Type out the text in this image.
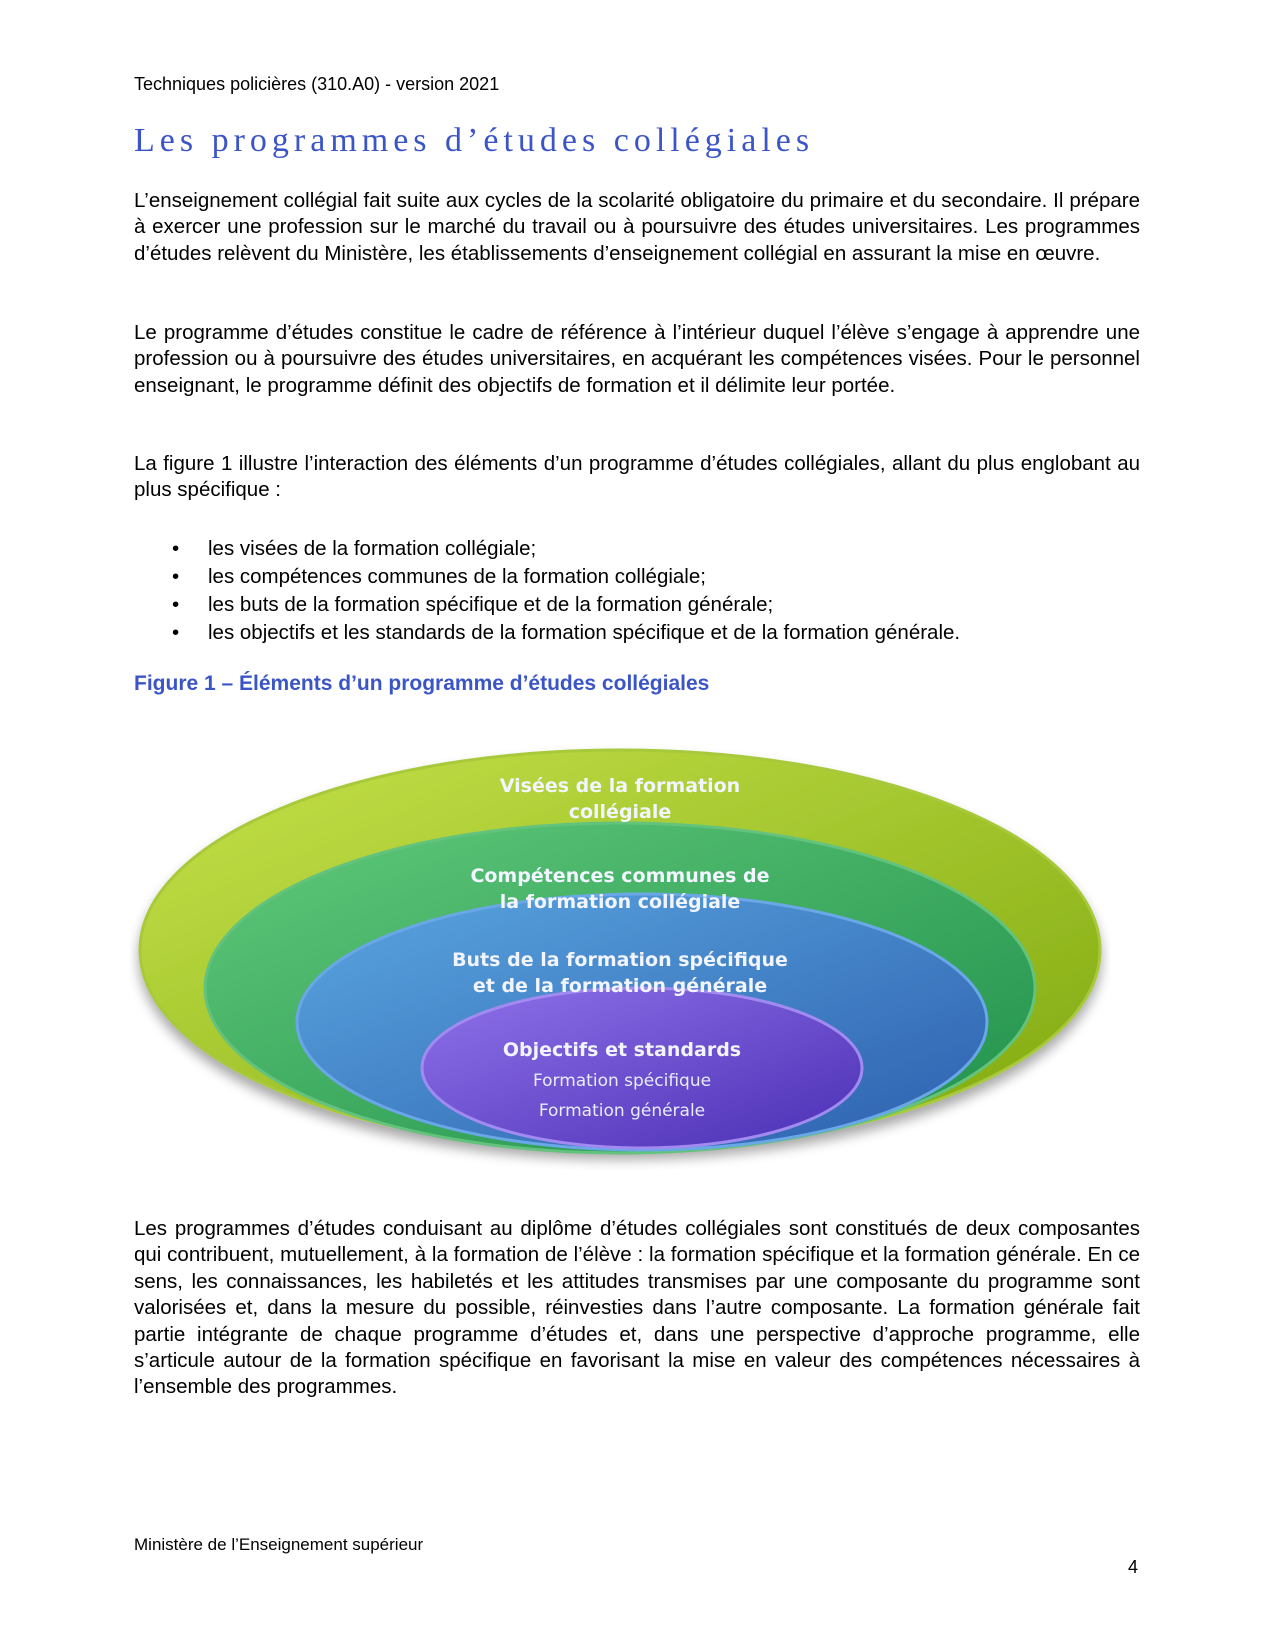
Techniques policières (310.A0) - version 2021
Les programmes d’études collégiales

L’enseignement collégial fait suite aux cycles de la scolarité obligatoire du primaire et du secondaire. Il prépare à exercer une profession sur le marché du travail ou à poursuivre des études universitaires. Les programmes d’études relèvent du Ministère, les établissements d’enseignement collégial en assurant la mise en œuvre.

Le programme d’études constitue le cadre de référence à l’intérieur duquel l’élève s’engage à apprendre une profession ou à poursuivre des études universitaires, en acquérant les compétences visées. Pour le personnel enseignant, le programme définit des objectifs de formation et il délimite leur portée.

La figure 1 illustre l’interaction des éléments d’un programme d’études collégiales, allant du plus englobant au plus spécifique :

• les visées de la formation collégiale;
• les compétences communes de la formation collégiale;
• les buts de la formation spécifique et de la formation générale;
• les objectifs et les standards de la formation spécifique et de la formation générale.
Figure 1 – Éléments d’un programme d’études collégiales
Visées de la formation
collégiale
Compétences communes de
la formation collégiale
Buts de la formation spécifique
et de la formation générale
Objectifs et standards
Formation spécifique
Formation générale

Les programmes d’études conduisant au diplôme d’études collégiales sont constitués de deux composantes qui contribuent, mutuellement, à la formation de l’élève : la formation spécifique et la formation générale. En ce sens, les connaissances, les habiletés et les attitudes transmises par une composante du programme sont valorisées et, dans la mesure du possible, réinvesties dans l’autre composante. La formation générale fait partie intégrante de chaque programme d’études et, dans une perspective d’approche programme, elle s’articule autour de la formation spécifique en favorisant la mise en valeur des compétences nécessaires à l’ensemble des programmes.

Ministère de l’Enseignement supérieur
4
